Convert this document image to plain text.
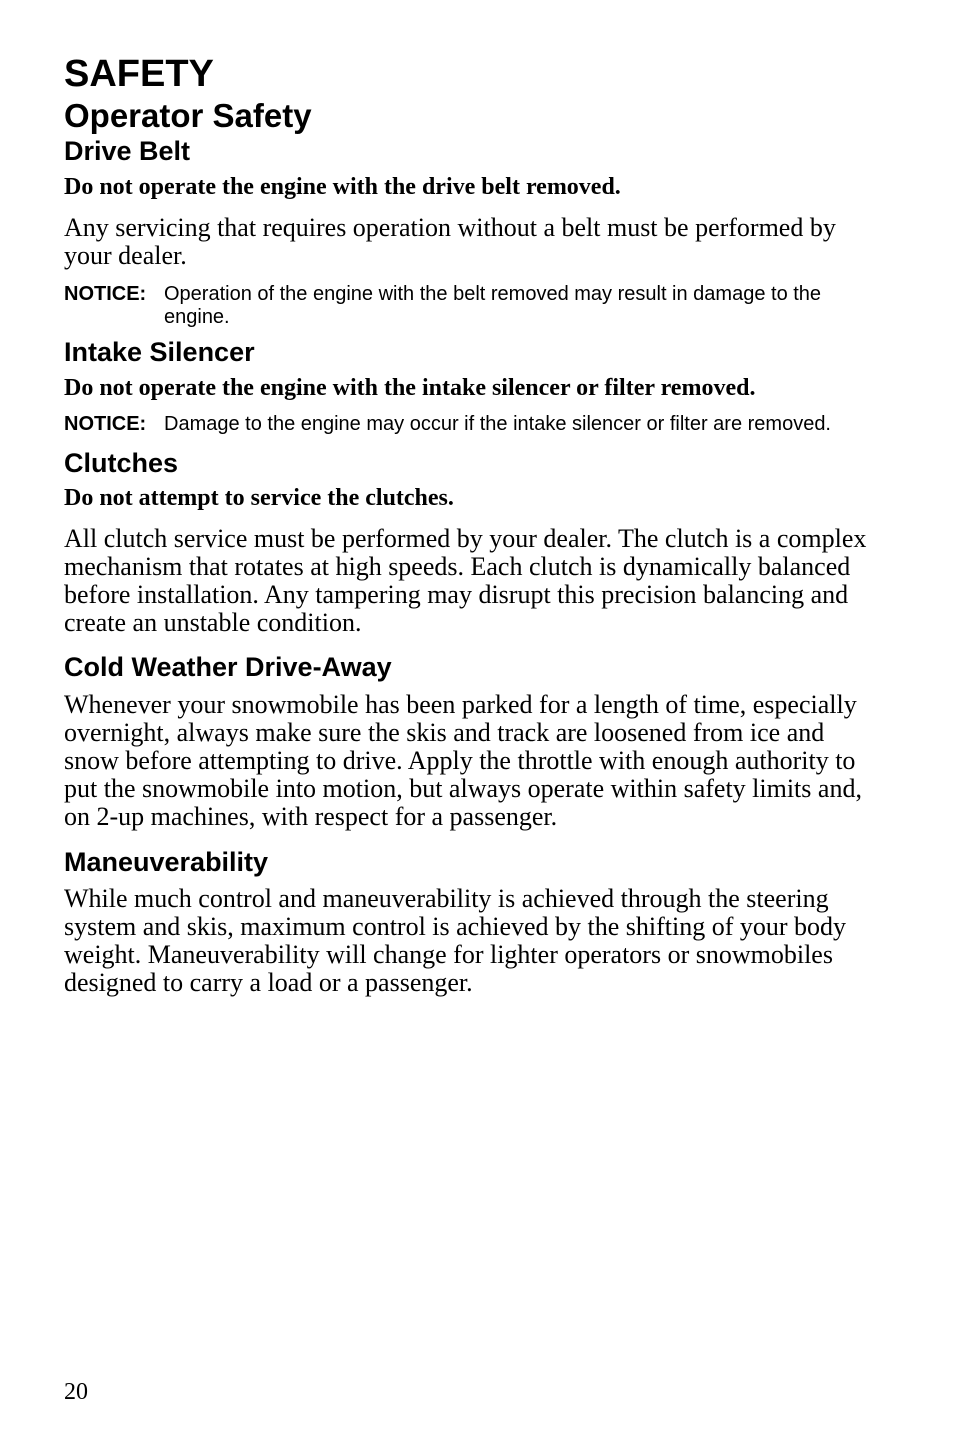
SAFETY
Operator Safety
Drive Belt

Do not operate the engine with the drive belt removed.

Any servicing that requires operation without a belt must be performed by your dealer.

NOTICE: Operation of the engine with the belt removed may result in damage to the engine.
Intake Silencer

Do not operate the engine with the intake silencer or filter removed.

NOTICE: Damage to the engine may occur if the intake silencer or filter are removed.
Clutches

Do not attempt to service the clutches.

All clutch service must be performed by your dealer. The clutch is a complex mechanism that rotates at high speeds. Each clutch is dynamically balanced before installation. Any tampering may disrupt this precision balancing and create an unstable condition.

Cold Weather Drive-Away

Whenever your snowmobile has been parked for a length of time, especially overnight, always make sure the skis and track are loosened from ice and snow before attempting to drive. Apply the throttle with enough authority to put the snowmobile into motion, but always operate within safety limits and, on 2-up machines, with respect for a passenger.

Maneuverability

While much control and maneuverability is achieved through the steering system and skis, maximum control is achieved by the shifting of your body weight. Maneuverability will change for lighter operators or snowmobiles designed to carry a load or a passenger.

20
